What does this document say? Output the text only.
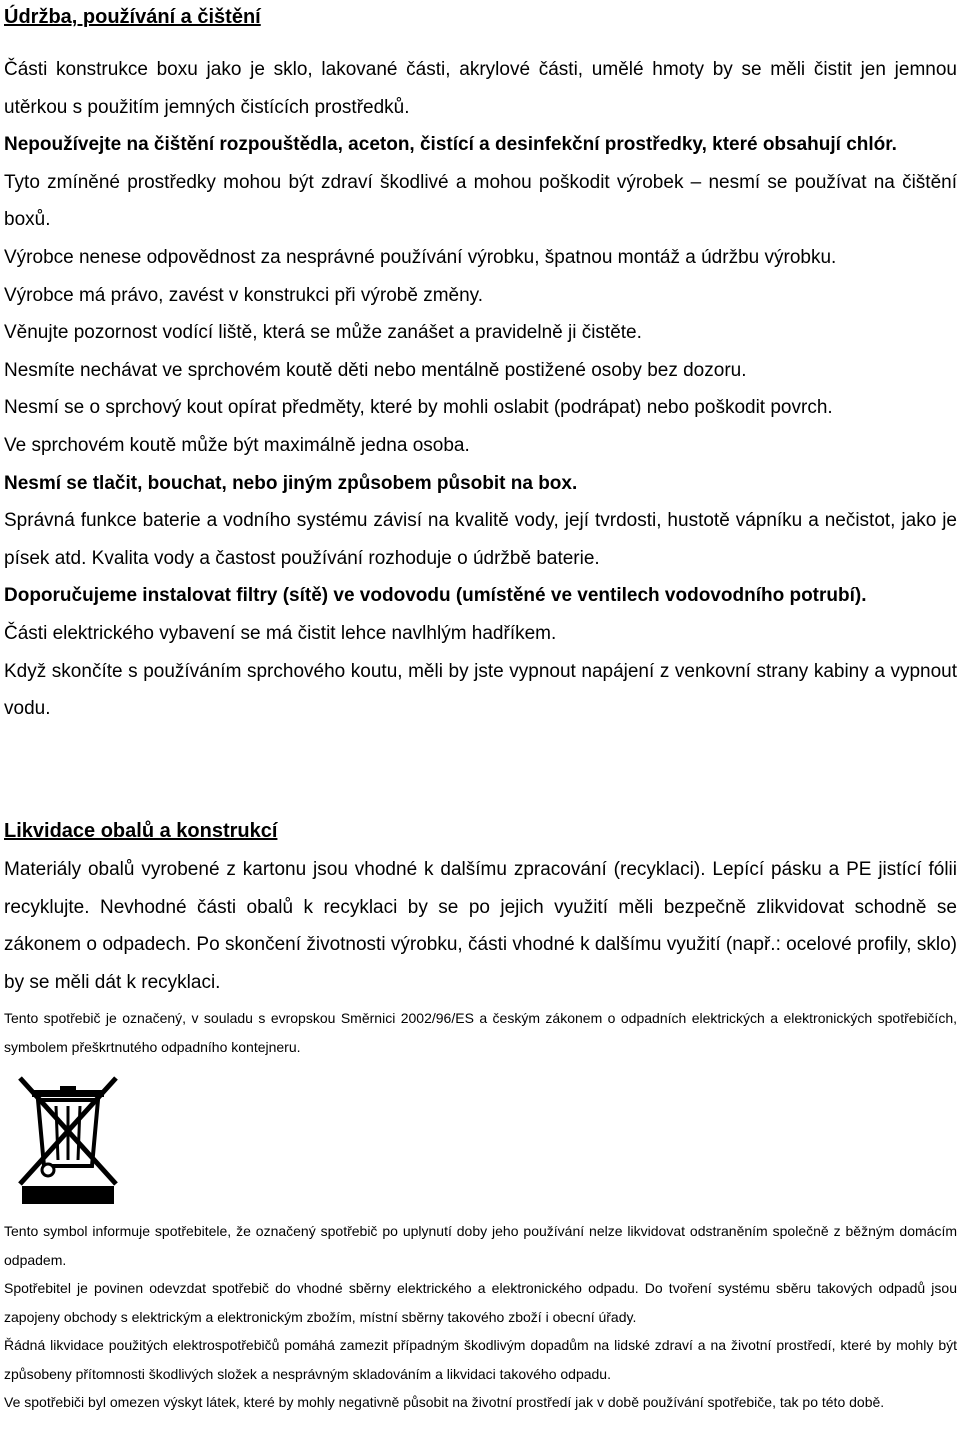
Údržba, používání a čištění

Části konstrukce boxu jako je sklo, lakované části, akrylové části, umělé hmoty by se měli čistit jen jemnou utěrkou s použitím jemných čistících prostředků.

Nepoužívejte na čištění rozpouštědla, aceton, čistící a desinfekční prostředky, které obsahují chlór.

Tyto zmíněné prostředky mohou být zdraví škodlivé a mohou poškodit výrobek – nesmí se používat na čištění boxů.

Výrobce nenese odpovědnost za nesprávné používání výrobku, špatnou montáž a údržbu výrobku.

Výrobce má právo, zavést v konstrukci při výrobě změny.

Věnujte pozornost vodící liště, která se může zanášet a pravidelně ji čistěte.

Nesmíte nechávat ve sprchovém koutě děti nebo mentálně postižené osoby bez dozoru.

Nesmí se o sprchový kout opírat předměty, které by mohli oslabit (podrápat) nebo poškodit povrch.

Ve sprchovém koutě může být maximálně jedna osoba.

Nesmí se tlačit, bouchat, nebo jiným způsobem působit na box.

Správná funkce baterie a vodního systému závisí na kvalitě vody, její tvrdosti, hustotě vápníku a nečistot, jako je písek atd. Kvalita vody a častost používání rozhoduje o údržbě baterie.

Doporučujeme instalovat filtry (sítě) ve vodovodu (umístěné ve ventilech vodovodního potrubí).

Části elektrického vybavení se má čistit lehce navlhlým hadříkem.

Když skončíte s používáním sprchového koutu, měli by jste vypnout napájení z venkovní strany kabiny a vypnout vodu.

Likvidace obalů a konstrukcí

Materiály obalů vyrobené z kartonu jsou vhodné k dalšímu zpracování (recyklaci). Lepící pásku a PE jistící fólii recyklujte. Nevhodné části obalů k recyklaci by se po jejich využití měli bezpečně zlikvidovat schodně se zákonem o odpadech. Po skončení životnosti výrobku, části vhodné k dalšímu využití (např.: ocelové profily, sklo) by se měli dát k recyklaci.

Tento spotřebič je označený, v souladu s evropskou Směrnici 2002/96/ES a českým zákonem o odpadních elektrických a elektronických spotřebičích, symbolem přeškrtnutého odpadního kontejneru.

Tento symbol informuje spotřebitele, že označený spotřebič po uplynutí doby jeho používání nelze likvidovat odstraněním společně z běžným domácím odpadem.

Spotřebitel je povinen odevzdat spotřebič do vhodné sběrny elektrického a elektronického odpadu. Do tvoření systému sběru takových odpadů jsou zapojeny obchody s elektrickým a elektronickým zbožím, místní sběrny takového zboží i obecní úřady.

Řádná likvidace použitých elektrospotřebičů pomáhá zamezit případným škodlivým dopadům na lidské zdraví a na životní prostředí, které by mohly být způsobeny přítomnosti škodlivých složek a nesprávným skladováním a likvidaci takového odpadu.

Ve spotřebiči byl omezen výskyt látek, které by mohly negativně působit na životní prostředí jak v době používání spotřebiče, tak po této době.
